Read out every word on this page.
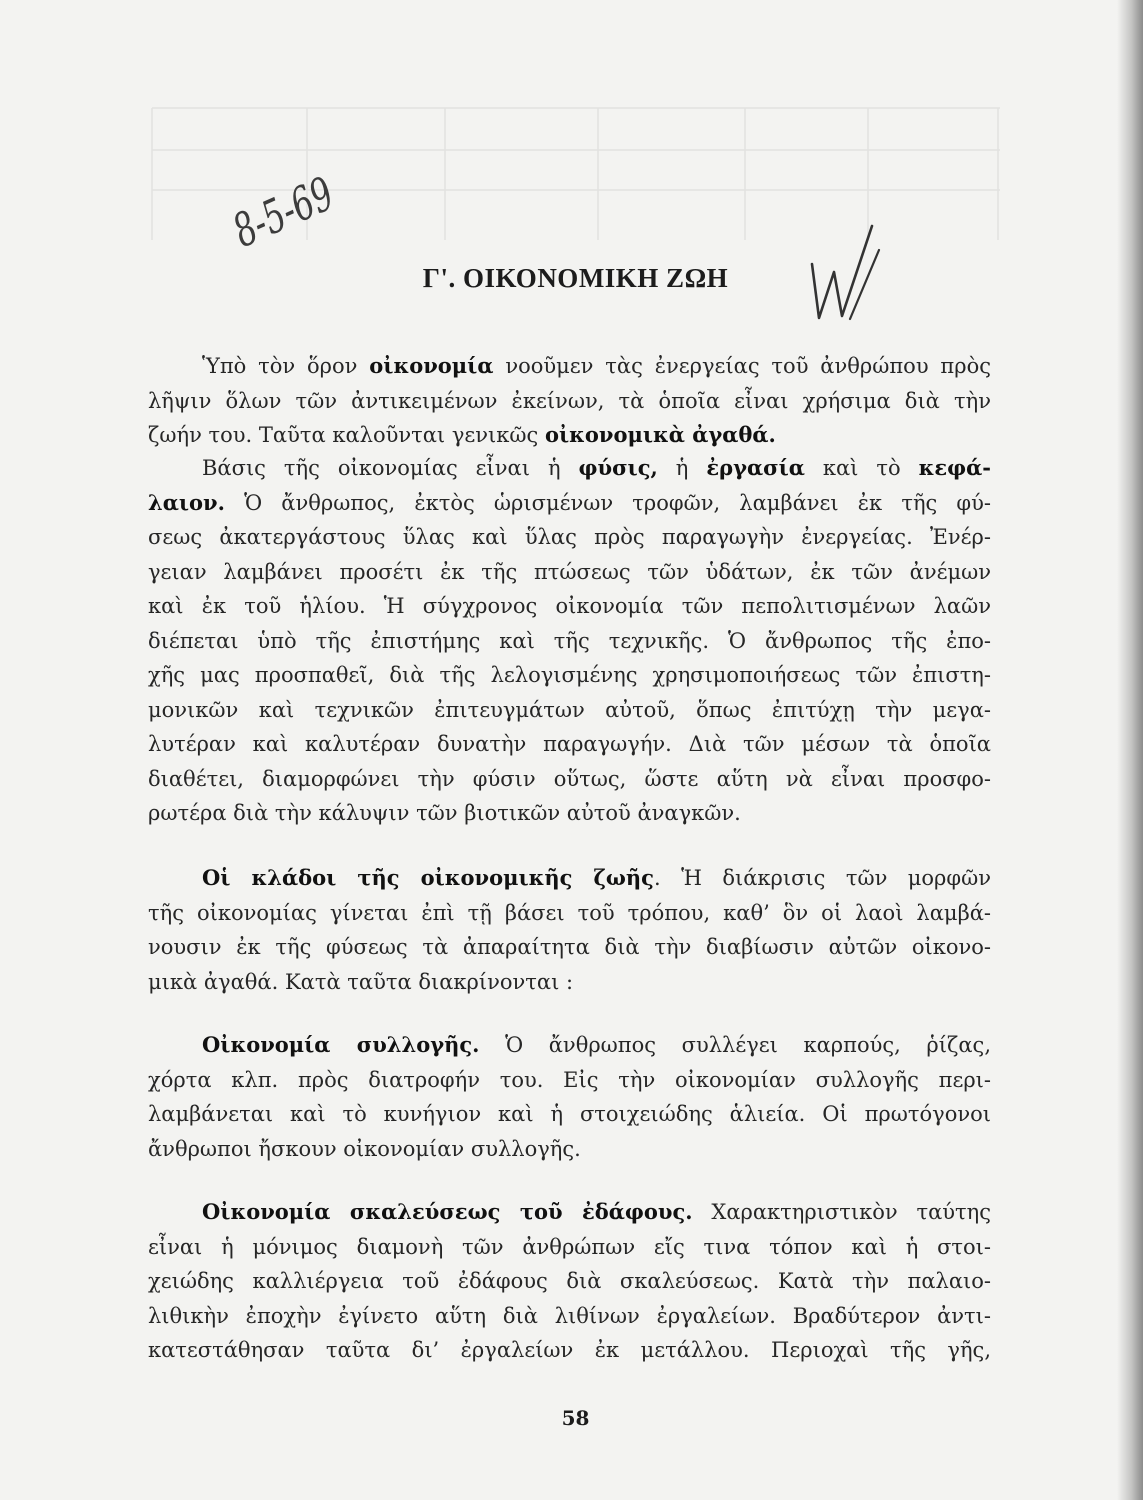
8-5-69
Γ'. ΟΙΚΟΝΟΜΙΚΗ ΖΩΗ
Ὑπὸ τὸν ὅρον οἰκονομία νοοῦμεν τὰς ἐνεργείας τοῦ ἀνθρώπου πρὸς
λῆψιν ὅλων τῶν ἀντικειμένων ἐκείνων, τὰ ὁποῖα εἶναι χρήσιμα διὰ τὴν
ζωήν του. Ταῦτα καλοῦνται γενικῶς οἰκονομικὰ ἀγαθά.
Βάσις τῆς οἰκονομίας εἶναι ἡ φύσις, ἡ ἐργασία καὶ τὸ κεφά-
λαιον. Ὁ ἄνθρωπος, ἐκτὸς ὡρισμένων τροφῶν, λαμβάνει ἐκ τῆς φύ-
σεως ἀκατεργάστους ὕλας καὶ ὕλας πρὸς παραγωγὴν ἐνεργείας. Ἐνέρ-
γειαν λαμβάνει προσέτι ἐκ τῆς πτώσεως τῶν ὑδάτων, ἐκ τῶν ἀνέμων
καὶ ἐκ τοῦ ἡλίου. Ἡ σύγχρονος οἰκονομία τῶν πεπολιτισμένων λαῶν
διέπεται ὑπὸ τῆς ἐπιστήμης καὶ τῆς τεχνικῆς. Ὁ ἄνθρωπος τῆς ἐπο-
χῆς μας προσπαθεῖ, διὰ τῆς λελογισμένης χρησιμοποιήσεως τῶν ἐπιστη-
μονικῶν καὶ τεχνικῶν ἐπιτευγμάτων αὐτοῦ, ὅπως ἐπιτύχῃ τὴν μεγα-
λυτέραν καὶ καλυτέραν δυνατὴν παραγωγήν. Διὰ τῶν μέσων τὰ ὁποῖα
διαθέτει, διαμορφώνει τὴν φύσιν οὕτως, ὥστε αὕτη νὰ εἶναι προσφο-
ρωτέρα διὰ τὴν κάλυψιν τῶν βιοτικῶν αὐτοῦ ἀναγκῶν.
Οἱ κλάδοι τῆς οἰκονομικῆς ζωῆς. Ἡ διάκρισις τῶν μορφῶν
τῆς οἰκονομίας γίνεται ἐπὶ τῇ βάσει τοῦ τρόπου, καθ’ ὃν οἱ λαοὶ λαμβά-
νουσιν ἐκ τῆς φύσεως τὰ ἀπαραίτητα διὰ τὴν διαβίωσιν αὐτῶν οἰκονο-
μικὰ ἀγαθά. Κατὰ ταῦτα διακρίνονται :
Οἰκονομία συλλογῆς. Ὁ ἄνθρωπος συλλέγει καρπούς, ῥίζας,
χόρτα κλπ. πρὸς διατροφήν του. Εἰς τὴν οἰκονομίαν συλλογῆς περι-
λαμβάνεται καὶ τὸ κυνήγιον καὶ ἡ στοιχειώδης ἁλιεία. Οἱ πρωτόγονοι
ἄνθρωποι ἤσκουν οἰκονομίαν συλλογῆς.
Οἰκονομία σκαλεύσεως τοῦ ἐδάφους. Χαρακτηριστικὸν ταύτης
εἶναι ἡ μόνιμος διαμονὴ τῶν ἀνθρώπων εἴς τινα τόπον καὶ ἡ στοι-
χειώδης καλλιέργεια τοῦ ἐδάφους διὰ σκαλεύσεως. Κατὰ τὴν παλαιο-
λιθικὴν ἐποχὴν ἐγίνετο αὕτη διὰ λιθίνων ἐργαλείων. Βραδύτερον ἀντι-
κατεστάθησαν ταῦτα δι’ ἐργαλείων ἐκ μετάλλου. Περιοχαὶ τῆς γῆς,
58
